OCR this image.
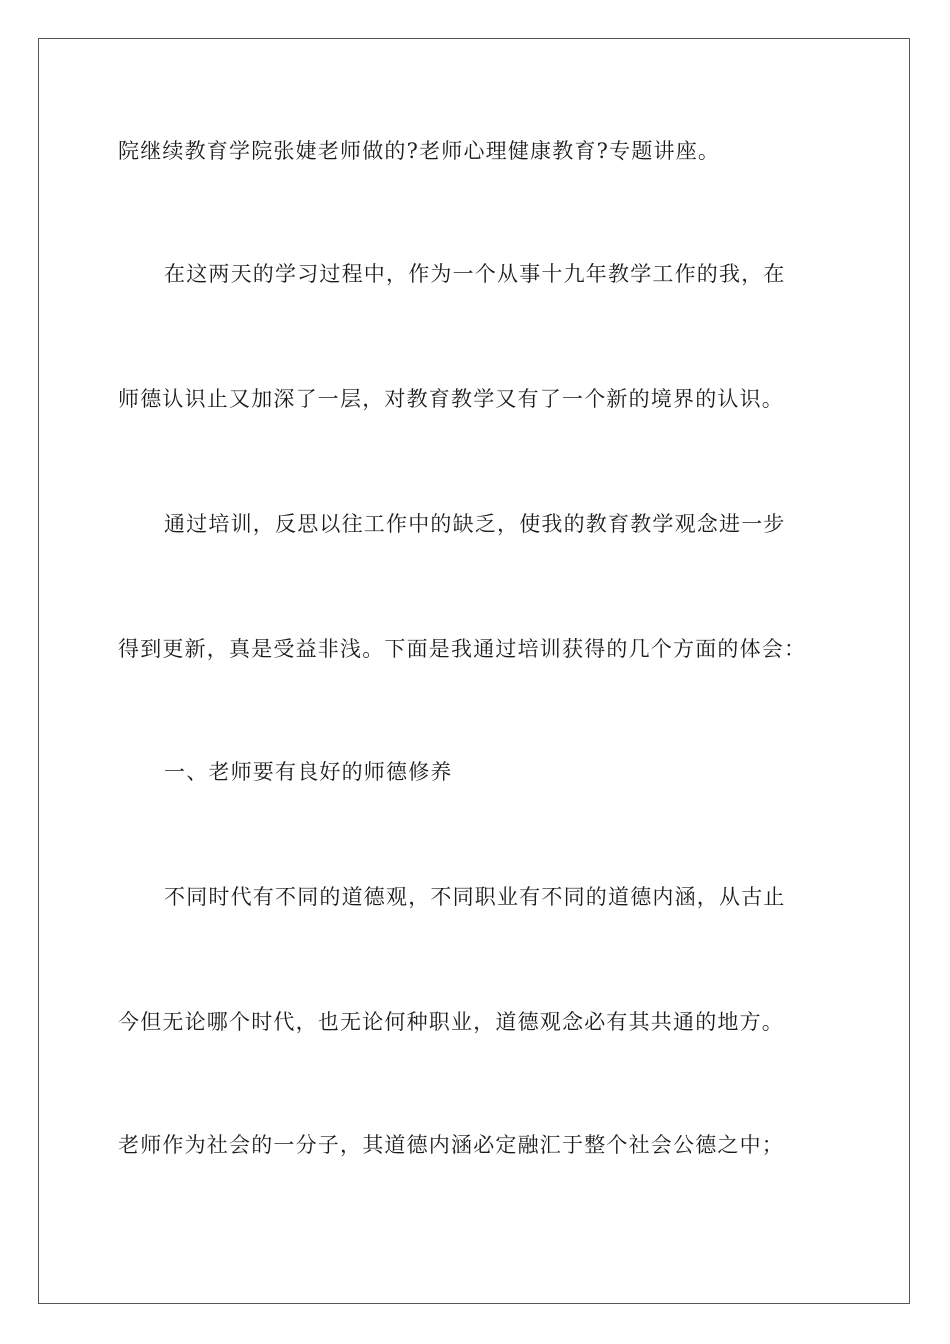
院继续教育学院张婕老师做的?老师心理健康教育?专题讲座。
在这两天的学习过程中，作为一个从事十九年教学工作的我，在
师德认识止又加深了一层，对教育教学又有了一个新的境界的认识。
通过培训，反思以往工作中的缺乏，使我的教育教学观念进一步
得到更新，真是受益非浅。下面是我通过培训获得的几个方面的体会：
一、老师要有良好的师德修养
不同时代有不同的道德观，不同职业有不同的道德内涵，从古止
今但无论哪个时代，也无论何种职业，道德观念必有其共通的地方。
老师作为社会的一分子，其道德内涵必定融汇于整个社会公德之中；
